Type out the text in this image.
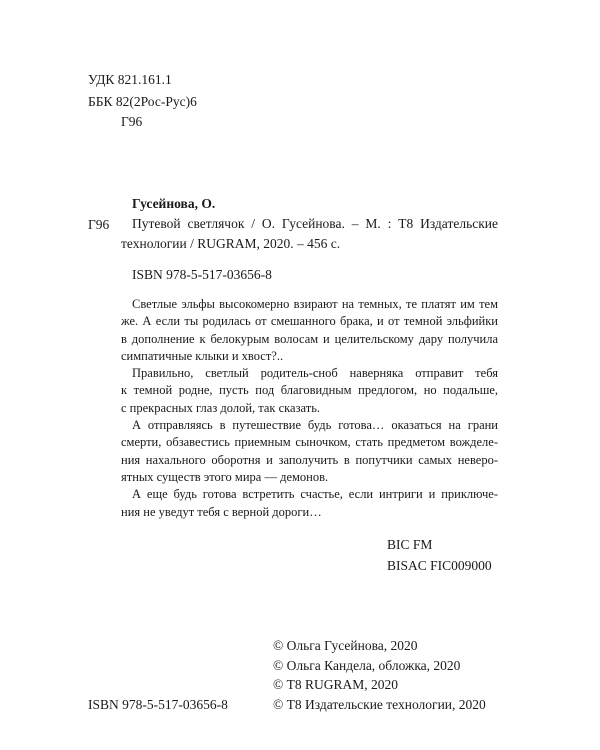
УДК 821.161.1
ББК 82(2Рос-Рус)6
Г96
Гусейнова, О.
Г96 Путевой светлячок / О. Гусейнова. – М. : Т8 Издательские
технологии / RUGRAM, 2020. – 456 с.
ISBN 978-5-517-03656-8
Светлые эльфы высокомерно взирают на темных, те платят им тем
же. А если ты родилась от смешанного брака, и от темной эльфийки
в дополнение к белокурым волосам и целительскому дару получила
симпатичные клыки и хвост?..
Правильно, светлый родитель-сноб наверняка отправит тебя
к темной родне, пусть под благовидным предлогом, но подальше,
с прекрасных глаз долой, так сказать.
А отправляясь в путешествие будь готова… оказаться на грани
смерти, обзавестись приемным сыночком, стать предметом вожделе-
ния нахального оборотня и заполучить в попутчики самых неверо-
ятных существ этого мира — демонов.
А еще будь готова встретить счастье, если интриги и приключе-
ния не уведут тебя с верной дороги…
BIC FM
BISAC FIC009000
ISBN 978-5-517-03656-8
© Ольга Гусейнова, 2020
© Ольга Кандела, обложка, 2020
© Т8 RUGRAM, 2020
© Т8 Издательские технологии, 2020
